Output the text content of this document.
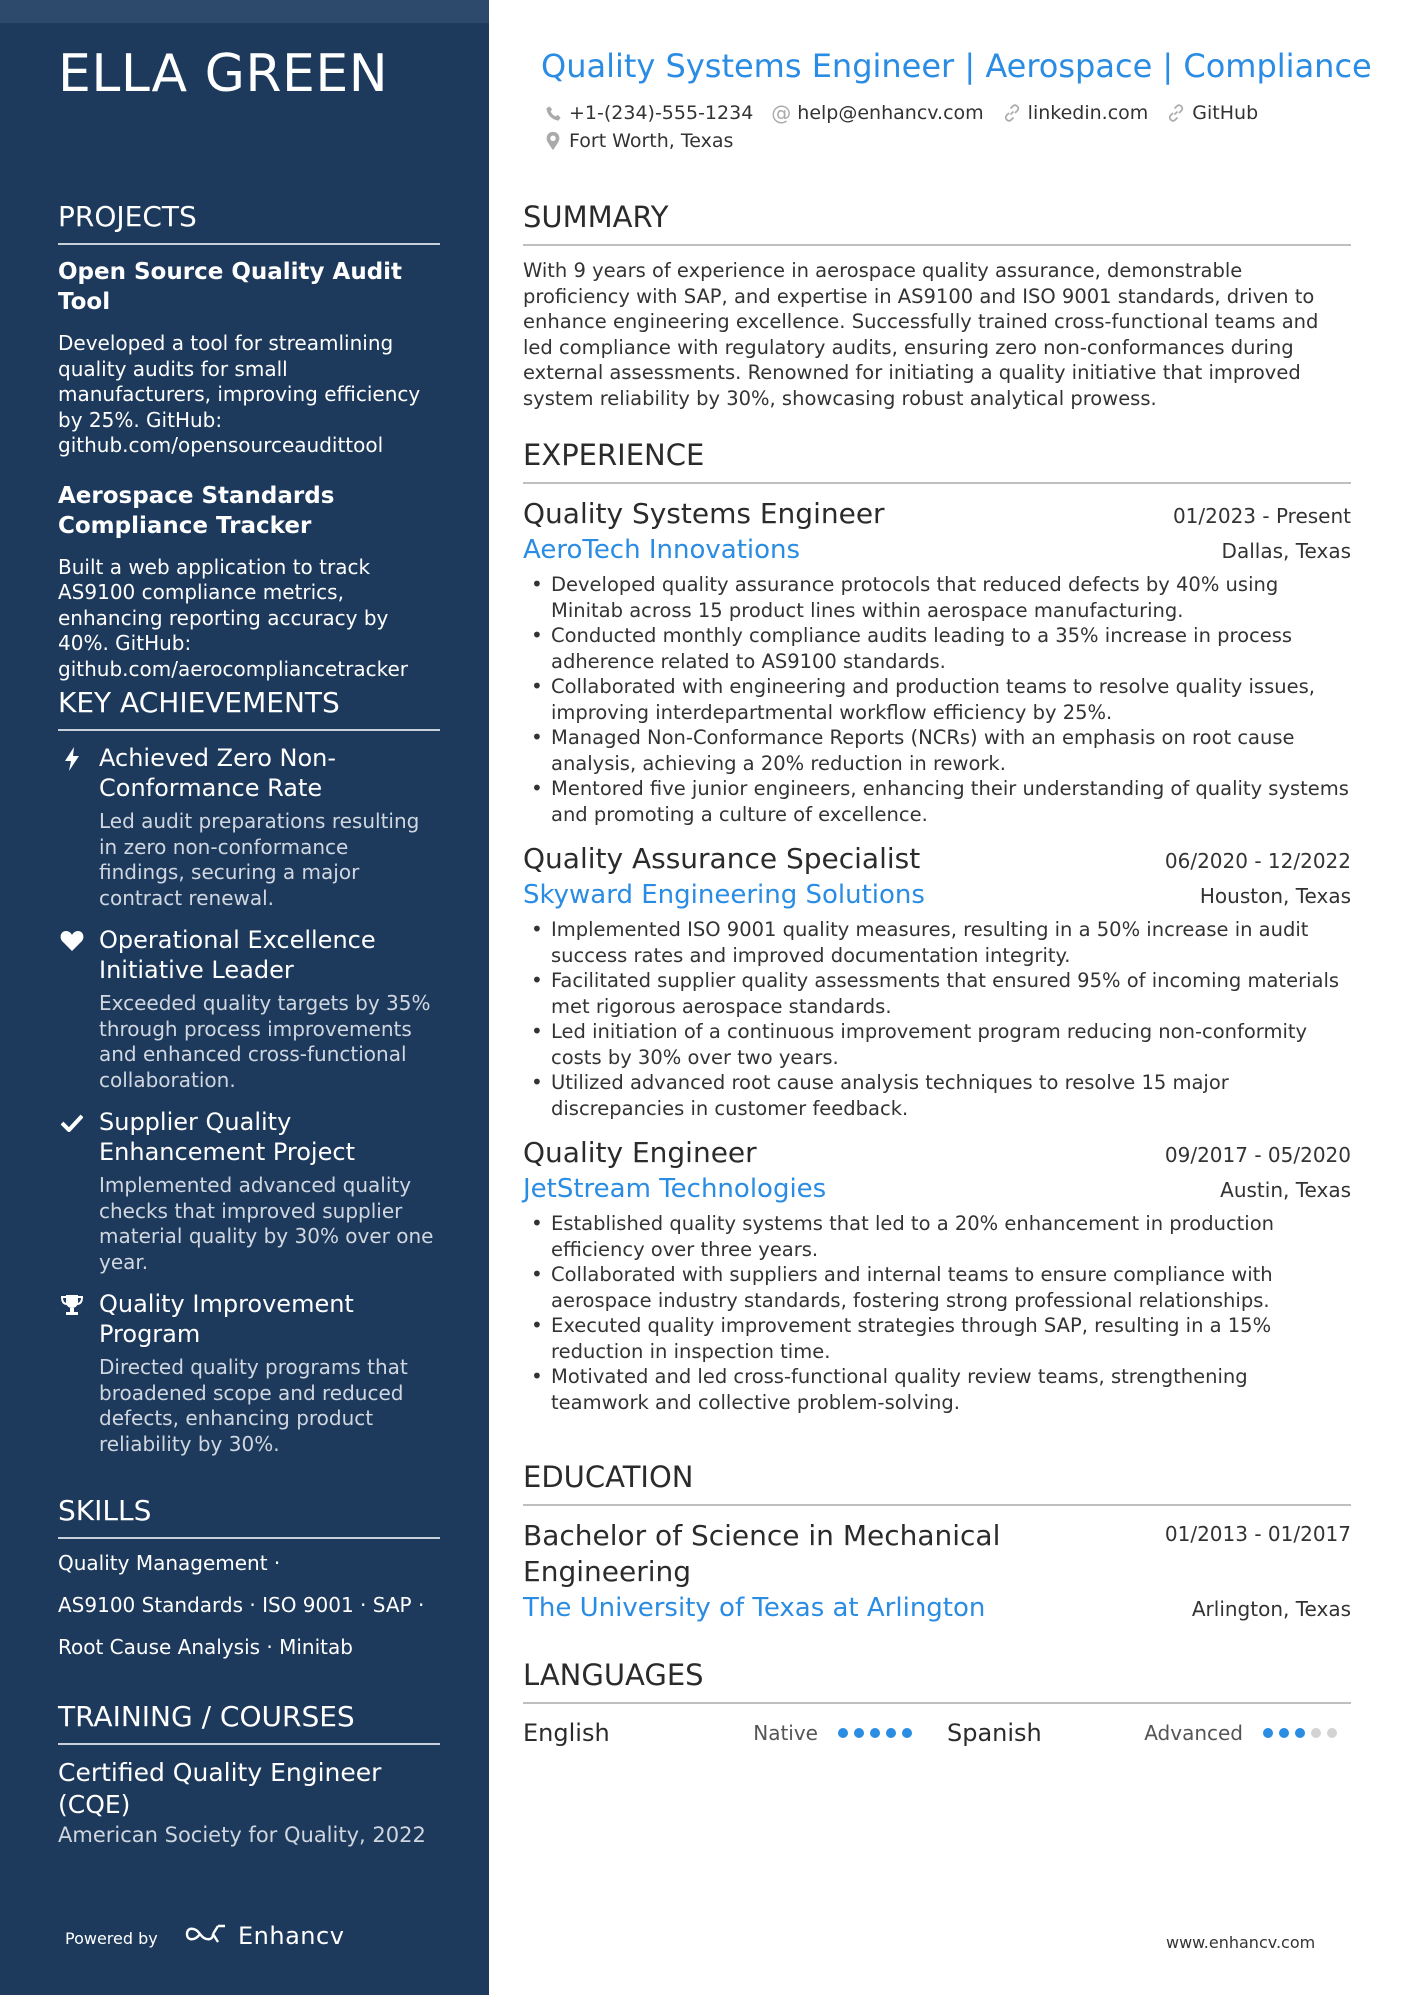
ELLA GREEN
PROJECTS
Open Source Quality Audit Tool
Developed a tool for streamlining quality audits for small manufacturers, improving efficiency by 25%. GitHub: github.com/opensourceaudittool
Aerospace Standards Compliance Tracker
Built a web application to track AS9100 compliance metrics, enhancing reporting accuracy by 40%. GitHub: github.com/aerocompliancetracker
KEY ACHIEVEMENTS
Achieved Zero Non-Conformance Rate
Led audit preparations resulting in zero non-conformance findings, securing a major contract renewal.
Operational Excellence Initiative Leader
Exceeded quality targets by 35% through process improvements and enhanced cross-functional collaboration.
Supplier Quality Enhancement Project
Implemented advanced quality checks that improved supplier material quality by 30% over one year.
Quality Improvement Program
Directed quality programs that broadened scope and reduced defects, enhancing product reliability by 30%.
SKILLS
Quality Management ·
AS9100 Standards · ISO 9001 · SAP ·
Root Cause Analysis · Minitab
TRAINING / COURSES
Certified Quality Engineer (CQE)
American Society for Quality, 2022
Powered by	Enhancv
Quality Systems Engineer | Aerospace | Compliance
+1-(234)-555-1234 @ help@enhancv.com linkedin.com GitHub
Fort Worth, Texas
SUMMARY
With 9 years of experience in aerospace quality assurance, demonstrable proficiency with SAP, and expertise in AS9100 and ISO 9001 standards, driven to enhance engineering excellence. Successfully trained cross-functional teams and led compliance with regulatory audits, ensuring zero non-conformances during external assessments. Renowned for initiating a quality initiative that improved system reliability by 30%, showcasing robust analytical prowess.
EXPERIENCE
Quality Systems Engineer	01/2023 - Present
AeroTech Innovations	Dallas, Texas
• Developed quality assurance protocols that reduced defects by 40% using Minitab across 15 product lines within aerospace manufacturing.
• Conducted monthly compliance audits leading to a 35% increase in process adherence related to AS9100 standards.
• Collaborated with engineering and production teams to resolve quality issues, improving interdepartmental workflow efficiency by 25%.
• Managed Non-Conformance Reports (NCRs) with an emphasis on root cause analysis, achieving a 20% reduction in rework.
• Mentored five junior engineers, enhancing their understanding of quality systems and promoting a culture of excellence.
Quality Assurance Specialist	06/2020 - 12/2022
Skyward Engineering Solutions	Houston, Texas
• Implemented ISO 9001 quality measures, resulting in a 50% increase in audit success rates and improved documentation integrity.
• Facilitated supplier quality assessments that ensured 95% of incoming materials met rigorous aerospace standards.
• Led initiation of a continuous improvement program reducing non-conformity costs by 30% over two years.
• Utilized advanced root cause analysis techniques to resolve 15 major discrepancies in customer feedback.
Quality Engineer	09/2017 - 05/2020
JetStream Technologies	Austin, Texas
• Established quality systems that led to a 20% enhancement in production efficiency over three years.
• Collaborated with suppliers and internal teams to ensure compliance with aerospace industry standards, fostering strong professional relationships.
• Executed quality improvement strategies through SAP, resulting in a 15% reduction in inspection time.
• Motivated and led cross-functional quality review teams, strengthening teamwork and collective problem-solving.
EDUCATION
Bachelor of Science in Mechanical Engineering
01/2013 - 01/2017
The University of Texas at Arlington	Arlington, Texas
LANGUAGES
English	Native	Spanish	Advanced
www.enhancv.com
